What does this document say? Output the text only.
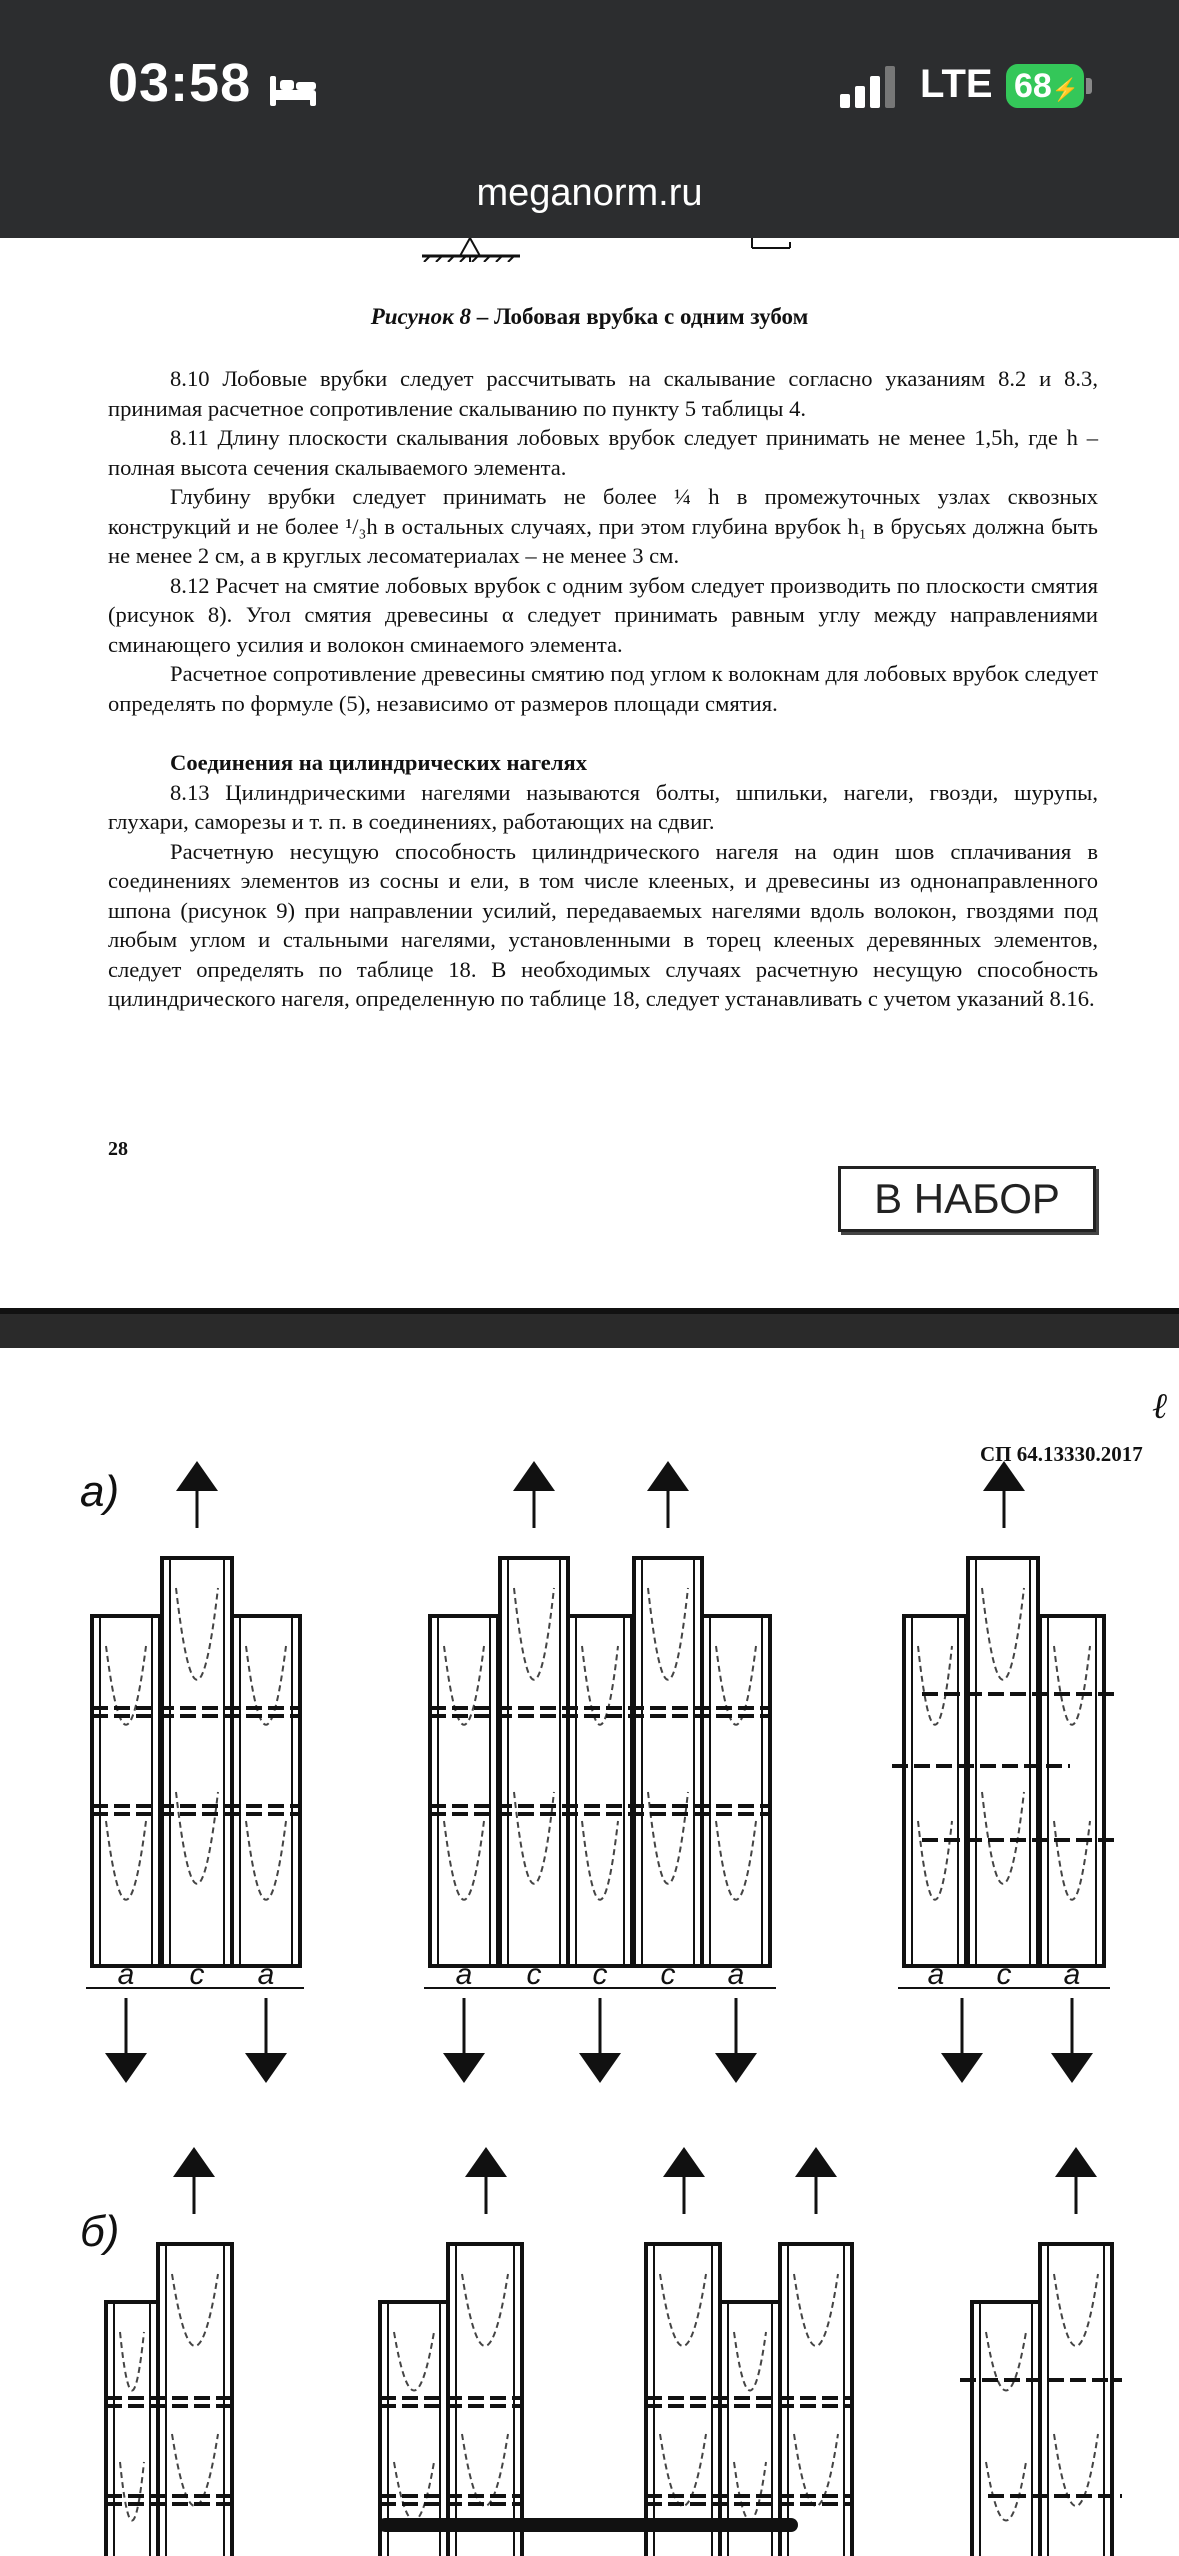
03:58	LTE 68⚡
meganorm.ru
Рисунок 8 – Лобовая врубка с одним зубом

8.10 Лобовые врубки следует рассчитывать на скалывание согласно указаниям 8.2 и 8.3, принимая расчетное сопротивление скалыванию по пункту 5 таблицы 4.

8.11 Длину плоскости скалывания лобовых врубок следует принимать не менее 1,5h, где h – полная высота сечения скалываемого элемента.

Глубину врубки следует принимать не более ¼ h в промежуточных узлах сквозных конструкций и не более ¹/₃h в остальных случаях, при этом глубина врубок h₁ в брусьях должна быть не менее 2 см, а в круглых лесоматериалах – не менее 3 см.

8.12 Расчет на смятие лобовых врубок с одним зубом следует производить по плоскости смятия (рисунок 8). Угол смятия древесины α следует принимать равным углу между направлениями сминающего усилия и волокон сминаемого элемента.

Расчетное сопротивление древесины смятию под углом к волокнам для лобовых врубок следует определять по формуле (5), независимо от размеров площади смятия.

Соединения на цилиндрических нагелях

8.13 Цилиндрическими нагелями называются болты, шпильки, нагели, гвозди, шурупы, глухари, саморезы и т. п. в соединениях, работающих на сдвиг.

Расчетную несущую способность цилиндрического нагеля на один шов сплачивания в соединениях элементов из сосны и ели, в том числе клееных, и древесины из однонаправленного шпона (рисунок 9) при направлении усилий, передаваемых нагелями вдоль волокон, гвоздями под любым углом и стальными нагелями, установленными в торец клееных деревянных элементов, следует определять по таблице 18. В необходимых случаях расчетную несущую способность цилиндрического нагеля, определенную по таблице 18, следует устанавливать с учетом указаний 8.16.

28
В НАБОР
СП 64.13330.2017
а)
б)
ℓ
a c a	a c c c a	a c a
